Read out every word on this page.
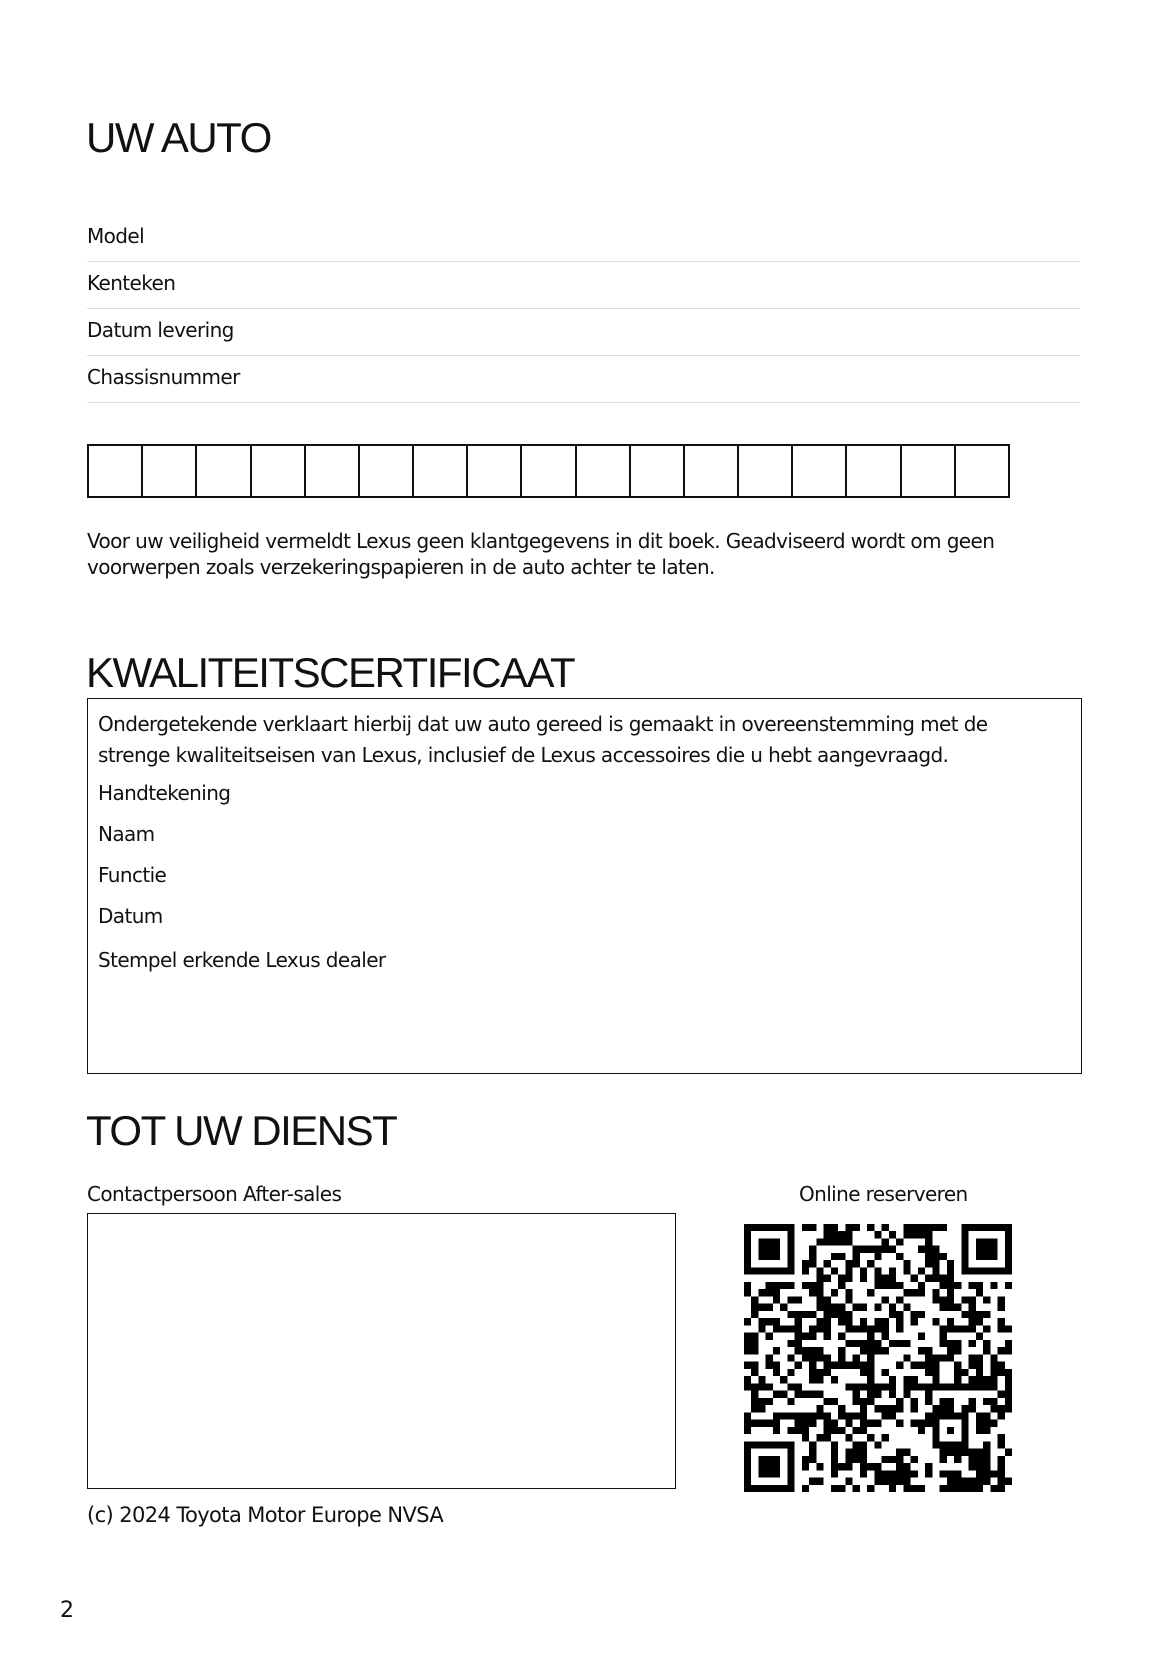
UW AUTO
Model
Kenteken
Datum levering
Chassisnummer
Voor uw veiligheid vermeldt Lexus geen klantgegevens in dit boek. Geadviseerd wordt om geen voorwerpen zoals verzekeringspapieren in de auto achter te laten.
KWALITEITSCERTIFICAAT
Ondergetekende verklaart hierbij dat uw auto gereed is gemaakt in overeenstemming met de strenge kwaliteitseisen van Lexus, inclusief de Lexus accessoires die u hebt aangevraagd.
Handtekening
Naam
Functie
Datum
Stempel erkende Lexus dealer
TOT UW DIENST
Contactpersoon After-sales	Online reserveren
(c) 2024 Toyota Motor Europe NVSA
2
